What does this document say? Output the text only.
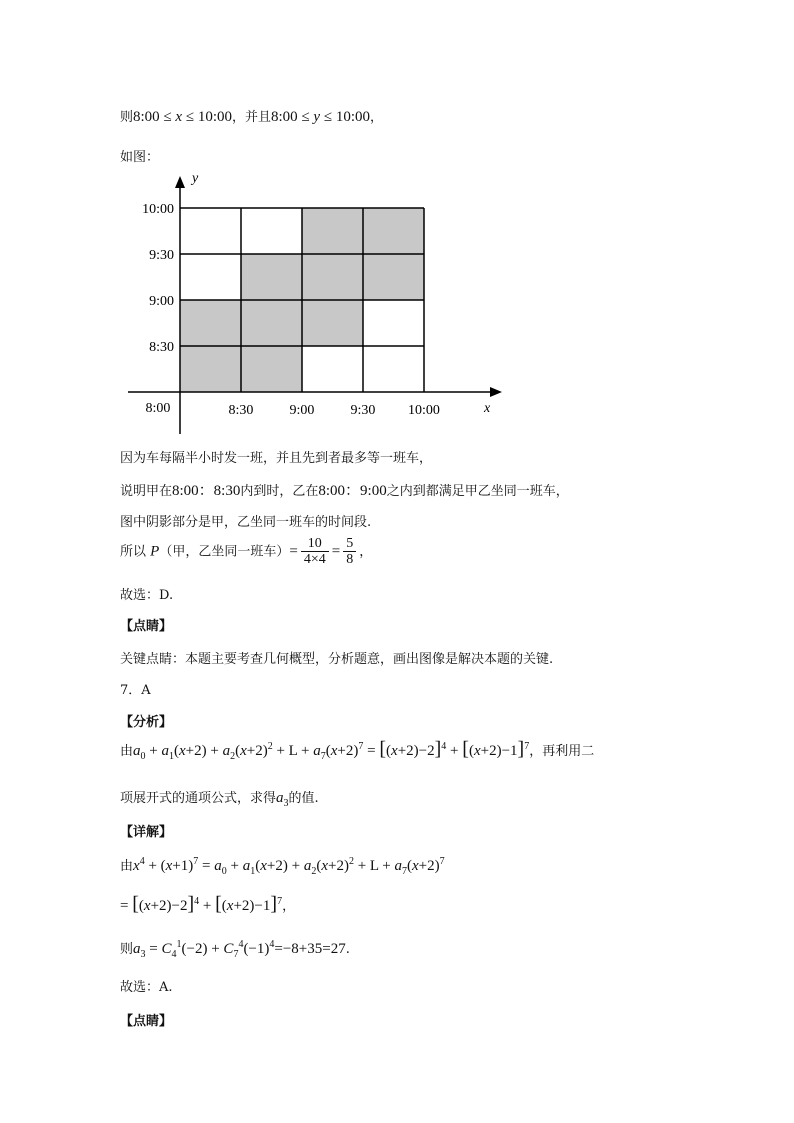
则8:00 ≤ x ≤ 10:00，并且8:00 ≤ y ≤ 10:00，
如图：
x
y
8:00	8:30	9:00	9:30 10:00
8:30
9:00
9:30
10:00
因为车每隔半小时发一班，并且先到者最多等一班车，
说明甲在8:00：8:30内到时，乙在8:00：9:00之内到都满足甲乙坐同一班车，
图中阴影部分是甲，乙坐同一班车的时间段.
所以 P（甲，乙坐同一班车）= $\frac{10}{4\times 4} = \frac{5}{8}$ ，
故选：D.
【点睛】
关键点睛：本题主要考查几何概型，分析题意，画出图像是解决本题的关键.
7．A
【分析】
由$a_0 + a_1(x+2) + a_2(x+2)^2 + L + a_7(x+2)^7 = [(x+2)-2]^4 + [(x+2)-1]^7$，再利用二
项展开式的通项公式，求得$a_3$的值.
【详解】
由$x^4 + (x+1)^7 = a_0 + a_1(x+2) + a_2(x+2)^2 + L + a_7(x+2)^7$
= $[(x+2)-2]^4 + [(x+2)-1]^7$，
则$a_3 = C_4^1(-2) + C_7^4(-1)^4=-8+35=27$.
故选：A.
【点睛】
